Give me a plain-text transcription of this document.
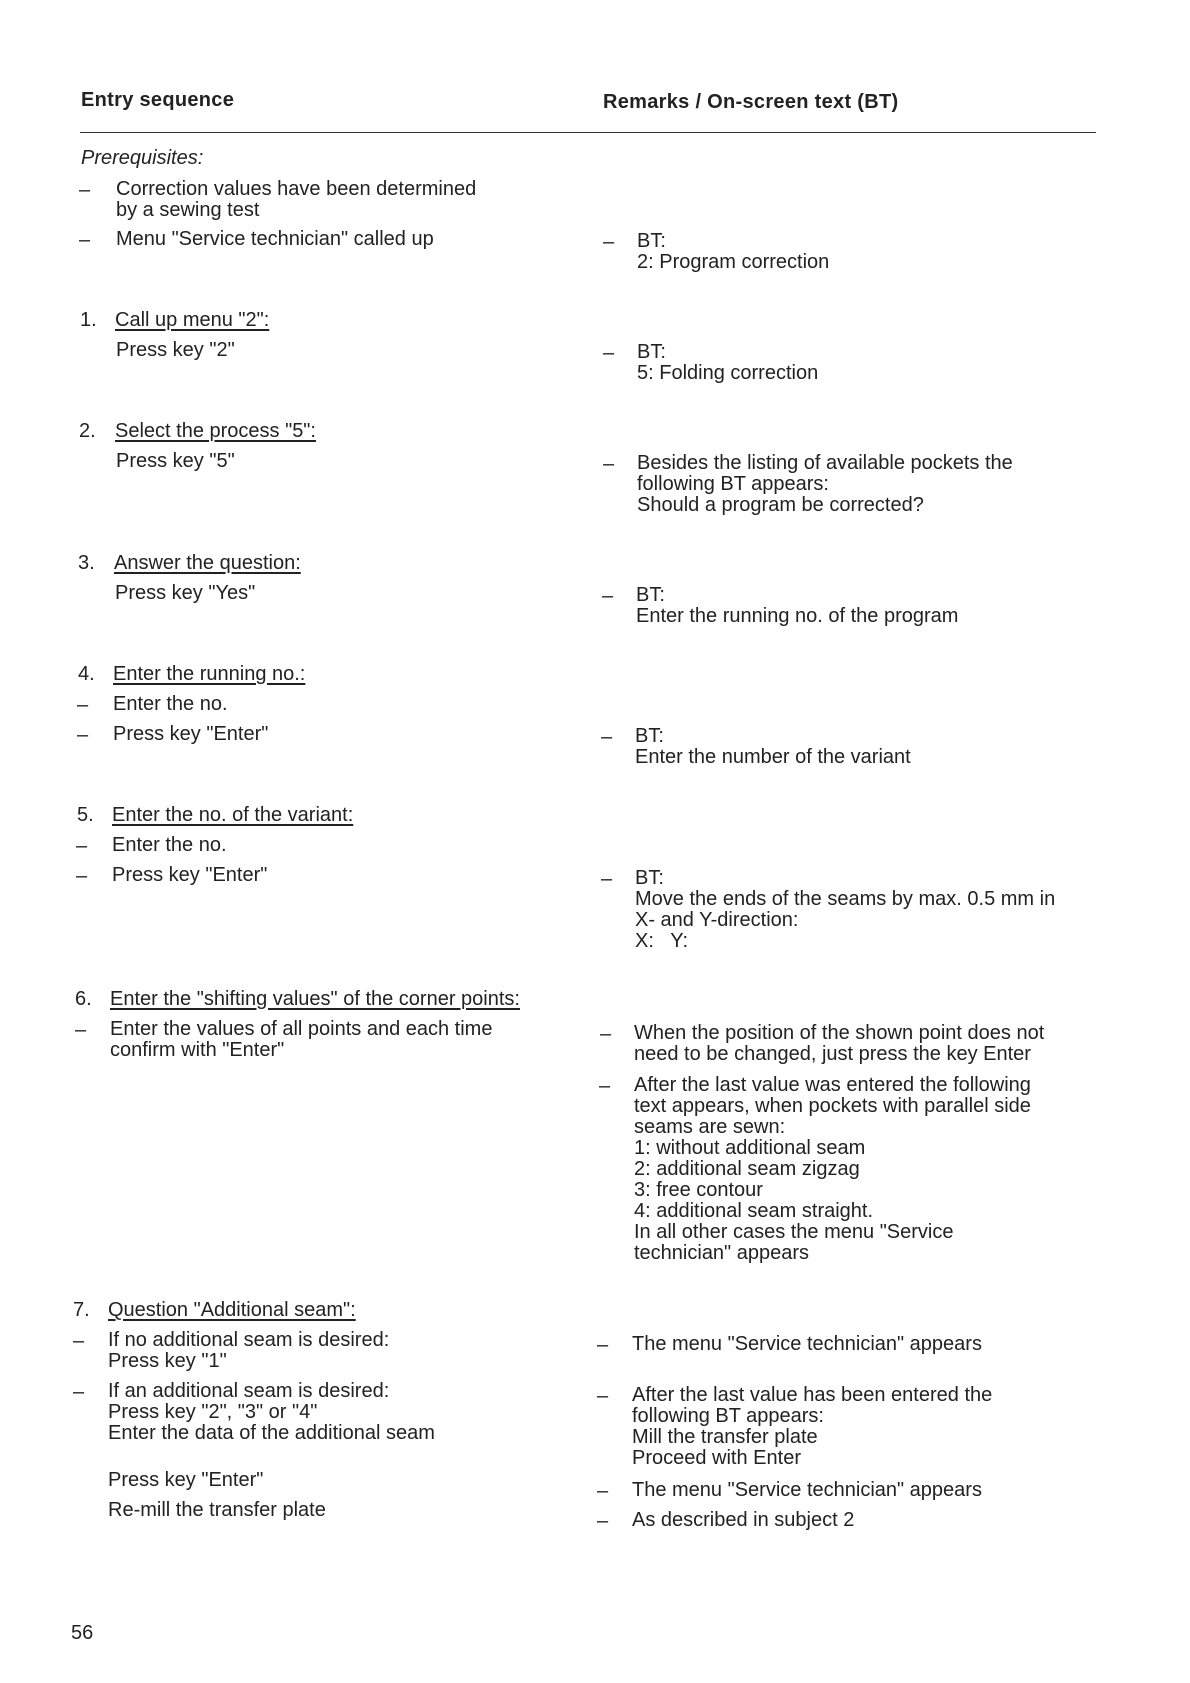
Entry sequence	Remarks / On-screen text (BT)
Prerequisites:
– Correction values have been determined
by a sewing test
– Menu "Service technician" called up
1. Call up menu "2":
Press key "2"
2. Select the process "5":
Press key "5"
3. Answer the question:
Press key "Yes"
4. Enter the running no.:
– Enter the no.
– Press key "Enter"
5. Enter the no. of the variant:
– Enter the no.
– Press key "Enter"
6. Enter the "shifting values" of the corner points:
– Enter the values of all points and each time
confirm with "Enter"
7. Question "Additional seam":
– If no additional seam is desired:
Press key "1"
– If an additional seam is desired:
Press key "2", "3" or "4"
Enter the data of the additional seam
Press key "Enter"
Re-mill the transfer plate
– BT:
2: Program correction
– BT:
5: Folding correction
– Besides the listing of available pockets the
following BT appears:
Should a program be corrected?
– BT:
Enter the running no. of the program
– BT:
Enter the number of the variant
– BT:
Move the ends of the seams by max. 0.5 mm in
X- and Y-direction:
X:   Y:
– When the position of the shown point does not
need to be changed, just press the key Enter
– After the last value was entered the following
text appears, when pockets with parallel side
seams are sewn:
1: without additional seam
2: additional seam zigzag
3: free contour
4: additional seam straight.
In all other cases the menu "Service
technician" appears
– The menu "Service technician" appears
– After the last value has been entered the
following BT appears:
Mill the transfer plate
Proceed with Enter
– The menu "Service technician" appears
– As described in subject 2
56
